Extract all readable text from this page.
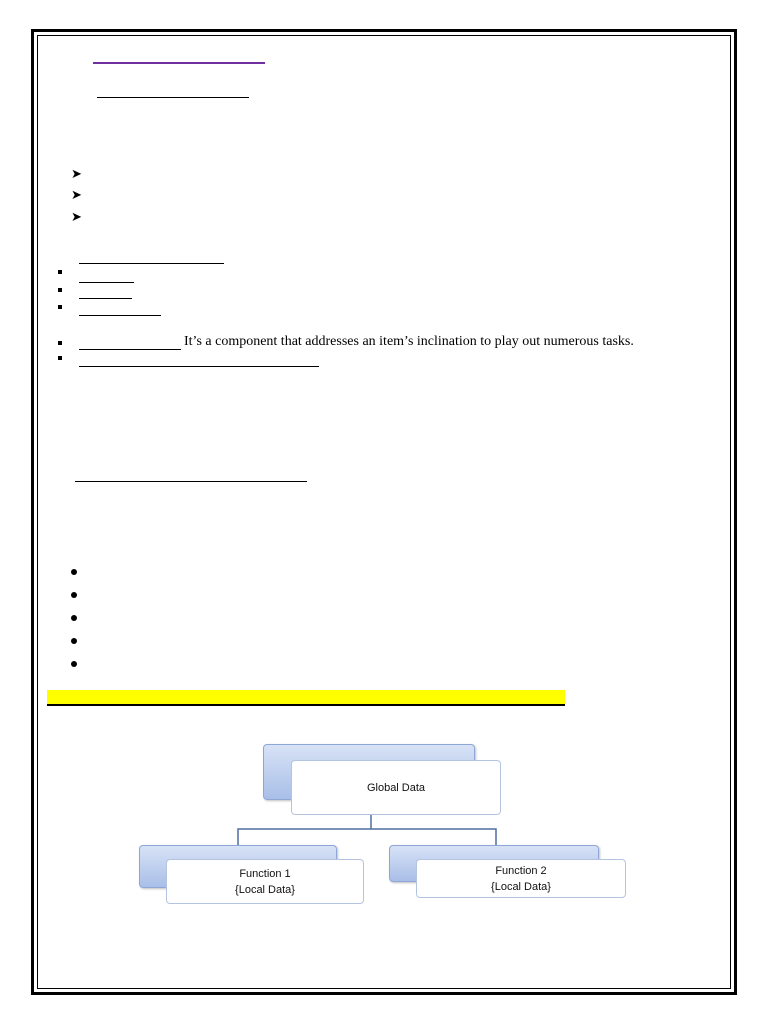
➤
➤
➤
It’s a component that addresses an item’s inclination to play out numerous tasks.
Global Data
Function 1
{Local Data}
Function 2
{Local Data}
